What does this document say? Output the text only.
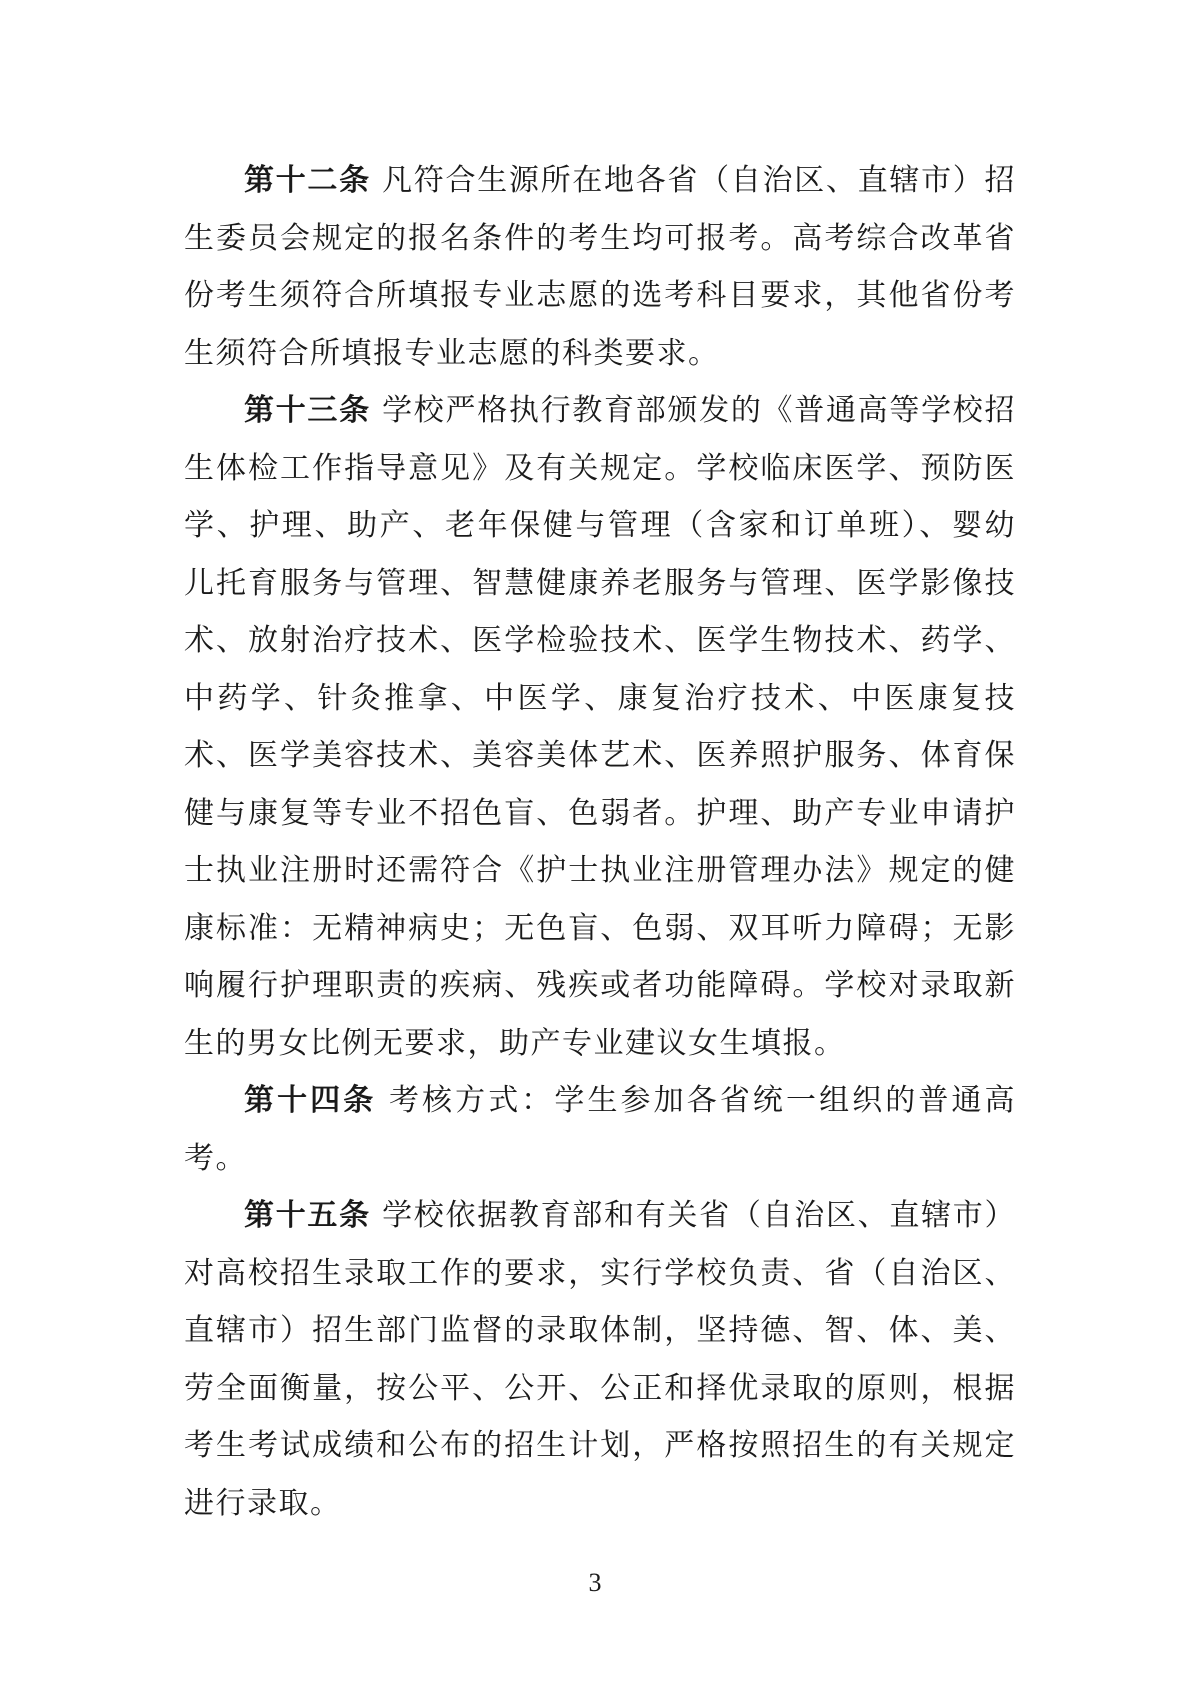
第十二条 凡符合生源所在地各省（自治区、直辖市）招生委员会规定的报名条件的考生均可报考。高考综合改革省份考生须符合所填报专业志愿的选考科目要求，其他省份考生须符合所填报专业志愿的科类要求。

第十三条 学校严格执行教育部颁发的《普通高等学校招生体检工作指导意见》及有关规定。学校临床医学、预防医学、护理、助产、老年保健与管理（含家和订单班）、婴幼儿托育服务与管理、智慧健康养老服务与管理、医学影像技术、放射治疗技术、医学检验技术、医学生物技术、药学、中药学、针灸推拿、中医学、康复治疗技术、中医康复技术、医学美容技术、美容美体艺术、医养照护服务、体育保健与康复等专业不招色盲、色弱者。护理、助产专业申请护士执业注册时还需符合《护士执业注册管理办法》规定的健康标准：无精神病史；无色盲、色弱、双耳听力障碍；无影响履行护理职责的疾病、残疾或者功能障碍。学校对录取新生的男女比例无要求，助产专业建议女生填报。

第十四条 考核方式：学生参加各省统一组织的普通高考。

第十五条 学校依据教育部和有关省（自治区、直辖市）对高校招生录取工作的要求，实行学校负责、省（自治区、直辖市）招生部门监督的录取体制，坚持德、智、体、美、劳全面衡量，按公平、公开、公正和择优录取的原则，根据考生考试成绩和公布的招生计划，严格按照招生的有关规定进行录取。

3
